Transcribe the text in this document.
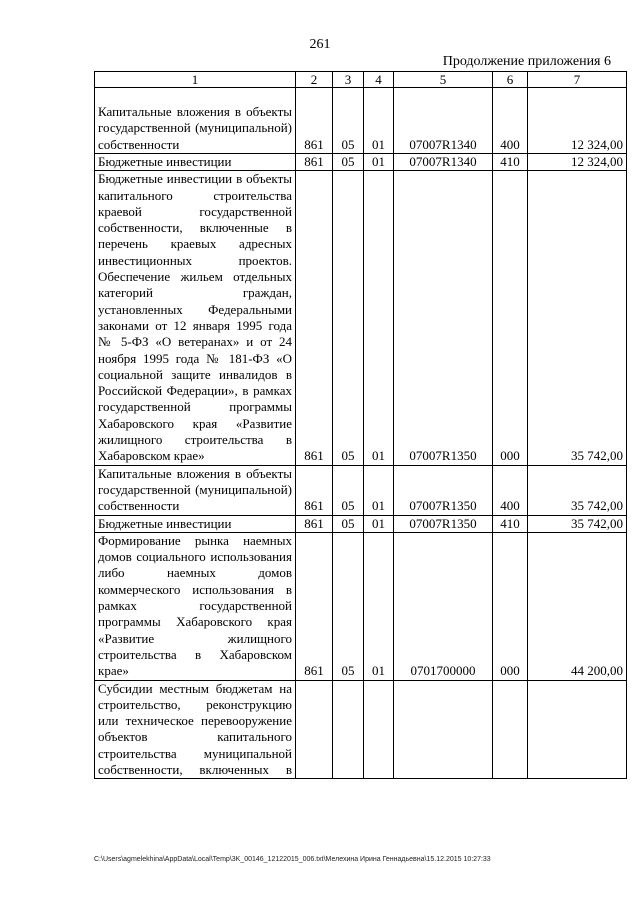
261
Продолжение приложения 6
1	2	3	4	5	6	7
Капитальные вложения в объекты государственной (муниципальной) собственности	861	05	01	07007R1340	400	12 324,00
Бюджетные инвестиции	861	05	01	07007R1340	410	12 324,00
Бюджетные инвестиции в объекты капитального строительства краевой государственной собственности, включенные в перечень краевых адресных инвестиционных проектов. Обеспечение жильем отдельных категорий граждан, установленных Федеральными законами от 12 января 1995 года № 5-ФЗ «О ветеранах» и от 24 ноября 1995 года № 181-ФЗ «О социальной защите инвалидов в Российской Федерации», в рамках государственной программы Хабаровского края «Развитие жилищного строительства в Хабаровском крае»	861	05	01	07007R1350	000	35 742,00
Капитальные вложения в объекты государственной (муниципальной) собственности	861	05	01	07007R1350	400	35 742,00
Бюджетные инвестиции	861	05	01	07007R1350	410	35 742,00
Формирование рынка наемных домов социального использования либо наемных домов коммерческого использования в рамках государственной программы Хабаровского края «Развитие жилищного строительства в Хабаровском крае»	861	05	01	0701700000	000	44 200,00
Субсидии местным бюджетам на строительство, реконструкцию или техническое перевооружение объектов капитального строительства муниципальной собственности, включенных в						
C:\Users\agmelekhina\AppData\Local\Temp\3K_00146_12122015_006.txt\Мелехина Ирина Геннадьевна\15.12.2015 10:27:33
